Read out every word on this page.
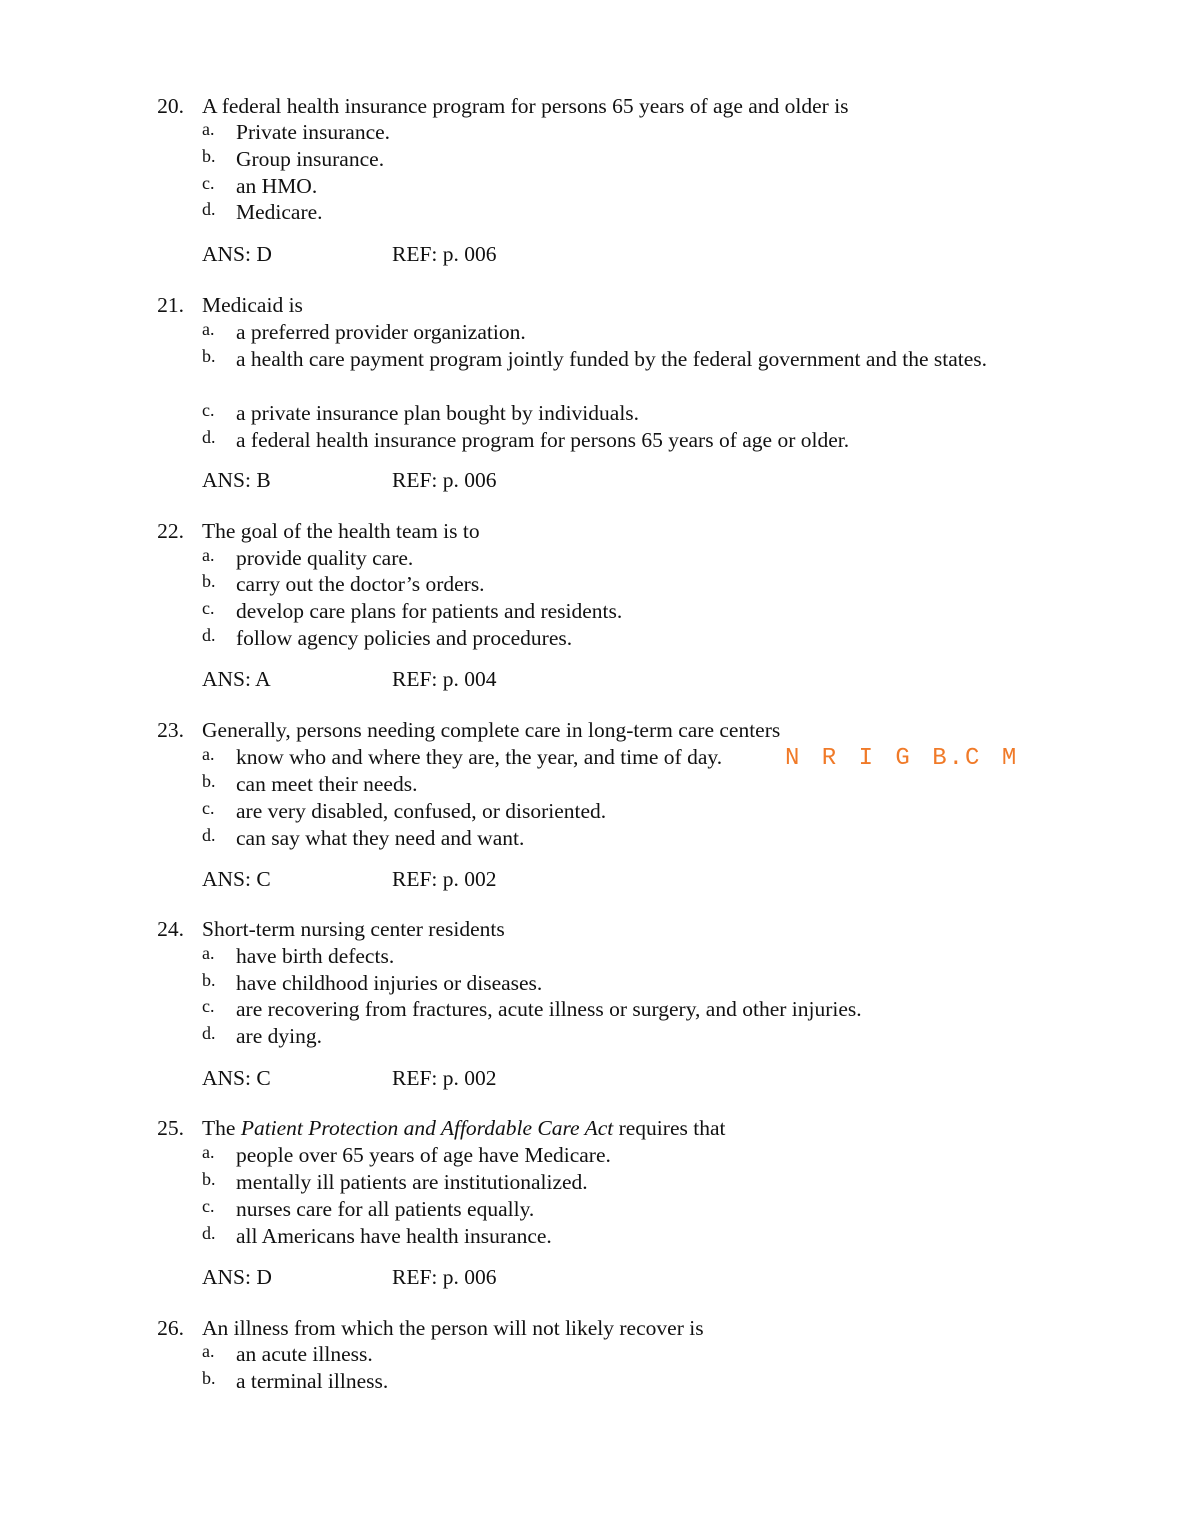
20. A federal health insurance program for persons 65 years of age and older is
a. Private insurance.
b. Group insurance.
c. an HMO.
d. Medicare.
ANS: D	REF: p. 006
21. Medicaid is
a. a preferred provider organization.
b. a health care payment program jointly funded by the federal government and the states.
c. a private insurance plan bought by individuals.
d. a federal health insurance program for persons 65 years of age or older.
ANS: B	REF: p. 006
22. The goal of the health team is to
a. provide quality care.
b. carry out the doctor’s orders.
c. develop care plans for patients and residents.
d. follow agency policies and procedures.
ANS: A	REF: p. 004
23. Generally, persons needing complete care in long-term care centers
a. know who and where they are, the year, and time of day.
b. can meet their needs.
c. are very disabled, confused, or disoriented.
d. can say what they need and want.
ANS: C	REF: p. 002
24. Short-term nursing center residents
a. have birth defects.
b. have childhood injuries or diseases.
c. are recovering from fractures, acute illness or surgery, and other injuries.
d. are dying.
ANS: C	REF: p. 002
25. The Patient Protection and Affordable Care Act requires that
a. people over 65 years of age have Medicare.
b. mentally ill patients are institutionalized.
c. nurses care for all patients equally.
d. all Americans have health insurance.
ANS: D	REF: p. 006
26. An illness from which the person will not likely recover is
a. an acute illness.
b. a terminal illness.
N R I G B.C M
